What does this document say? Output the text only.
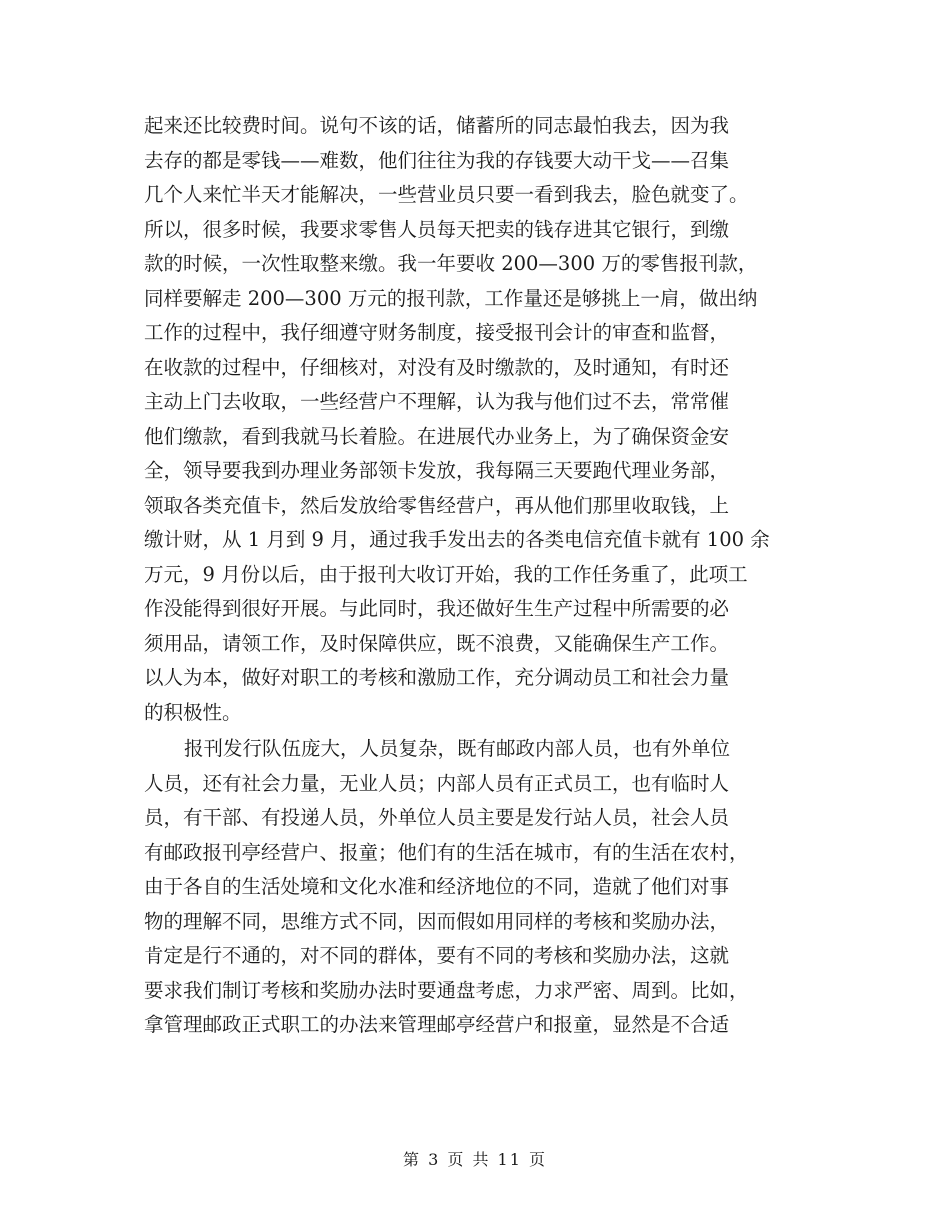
起来还比较费时间。说句不该的话，储蓄所的同志最怕我去，因为我
去存的都是零钱——难数，他们往往为我的存钱要大动干戈——召集
几个人来忙半天才能解决，一些营业员只要一看到我去，脸色就变了。
所以，很多时候，我要求零售人员每天把卖的钱存进其它银行，到缴
款的时候，一次性取整来缴。我一年要收 200—300 万的零售报刊款，
同样要解走 200—300 万元的报刊款，工作量还是够挑上一肩，做出纳
工作的过程中，我仔细遵守财务制度，接受报刊会计的审查和监督，
在收款的过程中，仔细核对，对没有及时缴款的，及时通知，有时还
主动上门去收取，一些经营户不理解，认为我与他们过不去，常常催
他们缴款，看到我就马长着脸。在进展代办业务上，为了确保资金安
全，领导要我到办理业务部领卡发放，我每隔三天要跑代理业务部，
领取各类充值卡，然后发放给零售经营户，再从他们那里收取钱，上
缴计财，从 1 月到 9 月，通过我手发出去的各类电信充值卡就有 100 余
万元，9 月份以后，由于报刊大收订开始，我的工作任务重了，此项工
作没能得到很好开展。与此同时，我还做好生生产过程中所需要的必
须用品，请领工作，及时保障供应，既不浪费，又能确保生产工作。
以人为本，做好对职工的考核和激励工作，充分调动员工和社会力量
的积极性。
报刊发行队伍庞大，人员复杂，既有邮政内部人员，也有外单位
人员，还有社会力量，无业人员；内部人员有正式员工，也有临时人
员，有干部、有投递人员，外单位人员主要是发行站人员，社会人员
有邮政报刊亭经营户、报童；他们有的生活在城市，有的生活在农村，
由于各自的生活处境和文化水准和经济地位的不同，造就了他们对事
物的理解不同，思维方式不同，因而假如用同样的考核和奖励办法，
肯定是行不通的，对不同的群体，要有不同的考核和奖励办法，这就
要求我们制订考核和奖励办法时要通盘考虑，力求严密、周到。比如，
拿管理邮政正式职工的办法来管理邮亭经营户和报童，显然是不合适
第 3 页 共 11 页
